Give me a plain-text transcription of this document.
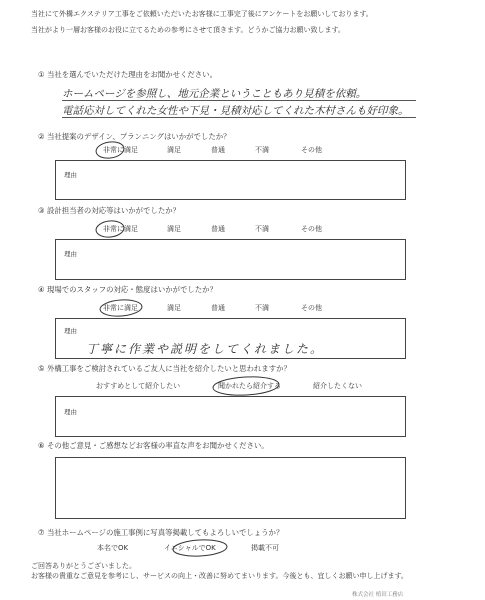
当社にて外構エクステリア工事をご依頼いただいたお客様に工事完了後にアンケートをお願いしております。
当社がより一層お客様のお役に立てるための参考にさせて頂きます。どうかご協力お願い致します。
① 当社を選んでいただけた理由をお聞かせください。
ホームページを参照し、地元企業ということもあり見積を依頼。
電話応対してくれた女性や下見・見積対応してくれた木村さんも好印象。
② 当社提案のデザイン、プランニングはいかがでしたか？
非常に満足	満足	普通	不満	その他
理由
③ 設計担当者の対応等はいかがでしたか？
非常に満足	満足	普通	不満	その他
理由
④ 現場でのスタッフの対応・態度はいかがでしたか？
非常に満足	満足	普通	不満	その他
理由
丁寧に作業や説明をしてくれました。
⑤ 外構工事をご検討されているご友人に当社を紹介したいと思われますか？
おすすめとして紹介したい	聞かれたら紹介する	紹介したくない
理由
⑥ その他ご意見・ご感想などお客様の率直な声をお聞かせください。
⑦ 当社ホームページの施工事例に写真等掲載してもよろしいでしょうか？
本名でOK	イニシャルでOK	掲載不可
ご回答ありがとうございました。
お客様の貴重なご意見を参考にし、サービスの向上・改善に努めてまいります。今後とも、宜しくお願い申し上げます。
株式会社 植田工務店
